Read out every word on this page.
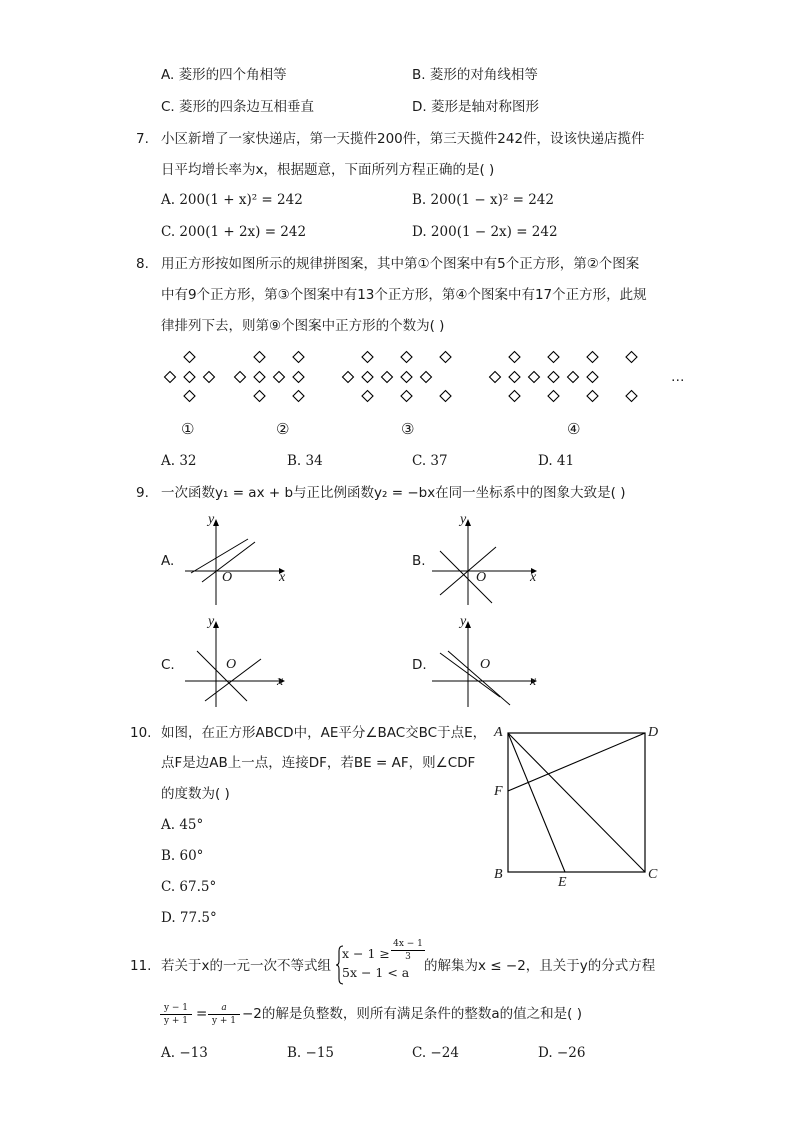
A. 菱形的四个角相等	B. 菱形的对角线相等
C. 菱形的四条边互相垂直	D. 菱形是轴对称图形
7. 小区新增了一家快递店，第一天揽件200件，第三天揽件242件，设该快递店揽件
日平均增长率为x，根据题意，下面所列方程正确的是( )
A. 200(1 + x)² = 242	B. 200(1 − x)² = 242
C. 200(1 + 2x) = 242	D. 200(1 − 2x) = 242
8. 用正方形按如图所示的规律拼图案，其中第①个图案中有5个正方形，第②个图案
中有9个正方形，第③个图案中有13个正方形，第④个图案中有17个正方形，此规
律排列下去，则第⑨个图案中正方形的个数为( )
①	②	③	④
…
A. 32	B. 34	C. 37	D. 41
9. 一次函数y₁ = ax + b与正比例函数y₂ = −bx在同一坐标系中的图象大致是( )
A.	B.
C.	D.
y
x
O
y
x
O
y
x
O
y
x
O
10. 如图，在正方形ABCD中，AE平分∠BAC交BC于点E，
点F是边AB上一点，连接DF，若BE = AF，则∠CDF
的度数为( )
A. 45°
B. 60°
C. 67.5°
D. 77.5°
A	D
F
B
E
C
11. 若关于x的一元一次不等式组
x − 1 ≥
4x − 1
3
5x − 1 < a 的解集为x ≤ −2，且关于y的分式方程
y − 1
y + 1 =	a
y + 1 −2的解是负整数，则所有满足条件的整数a的值之和是( )
A. −13	B. −15	C. −24	D. −26
